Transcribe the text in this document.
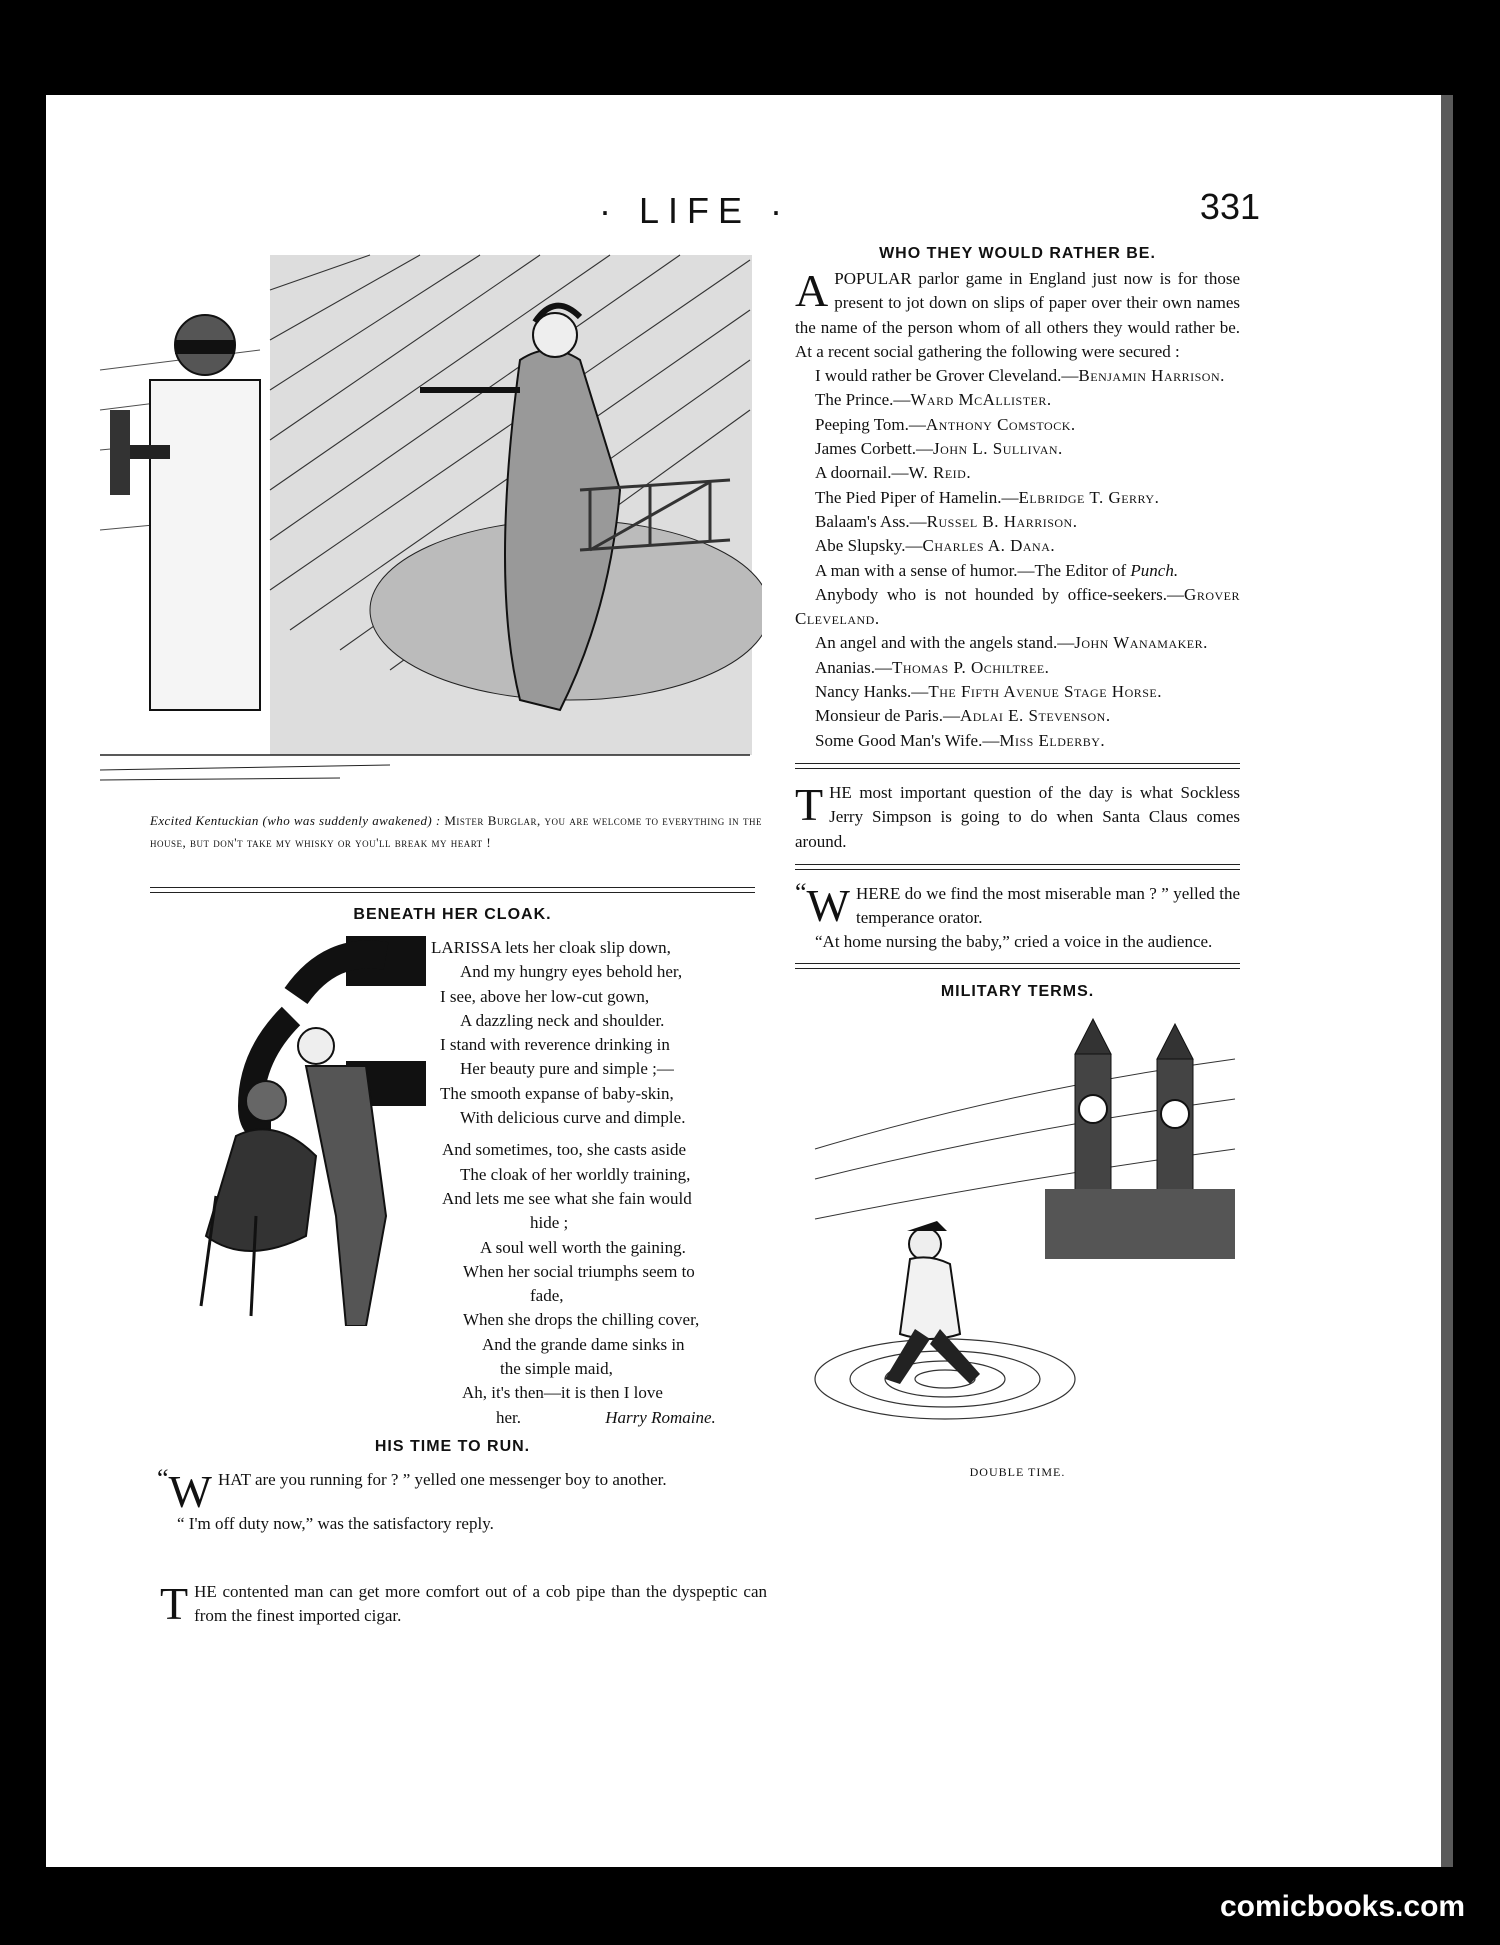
· LIFE ·	331
Excited Kentuckian (who was suddenly awakened) : Mister Burglar, you are welcome to everything in the house, but don't take my whisky or you'll break my heart !
BENEATH HER CLOAK.
LARISSA lets her cloak slip down,
And my hungry eyes behold her,
I see, above her low-cut gown,
A dazzling neck and shoulder.
I stand with reverence drinking in
Her beauty pure and simple ;—
The smooth expanse of baby-skin,
With delicious curve and dimple.
And sometimes, too, she casts aside
The cloak of her worldly training,
And lets me see what she fain would
hide ;
A soul well worth the gaining.
When her social triumphs seem to
fade,
When she drops the chilling cover,
And the grande dame sinks in
the simple maid,
Ah, it's then—it is then I love
her.	Harry Romaine.
HIS TIME TO RUN.

“ W HAT are you running for ? ” yelled one messenger boy to another.

“ I'm off duty now,” was the satisfactory reply.

T HE contented man can get more comfort out of a cob pipe than the dyspeptic can from the finest imported cigar.
WHO THEY WOULD RATHER BE.

A POPULAR parlor game in England just now is for those present to jot down on slips of paper over their own names the name of the person whom of all others they would rather be. At a recent social gathering the following were secured :

I would rather be Grover Cleveland.—Benjamin Harrison.

The Prince.—Ward McAllister.

Peeping Tom.—Anthony Comstock.

James Corbett.—John L. Sullivan.

A doornail.—W. Reid.

The Pied Piper of Hamelin.—Elbridge T. Gerry.

Balaam's Ass.—Russel B. Harrison.

Abe Slupsky.—Charles A. Dana.

A man with a sense of humor.—The Editor of Punch.

Anybody who is not hounded by office-seekers.—Grover Cleveland.

An angel and with the angels stand.—John Wanamaker.

Ananias.—Thomas P. Ochiltree.

Nancy Hanks.—The Fifth Avenue Stage Horse.

Monsieur de Paris.—Adlai E. Stevenson.

Some Good Man's Wife.—Miss Elderby.

T HE most important question of the day is what Sockless Jerry Simpson is going to do when Santa Claus comes around.

“ W HERE do we find the most miserable man ? ” yelled the temperance orator.

“At home nursing the baby,” cried a voice in the audience.

MILITARY TERMS.
DOUBLE TIME.
comicbooks.com
